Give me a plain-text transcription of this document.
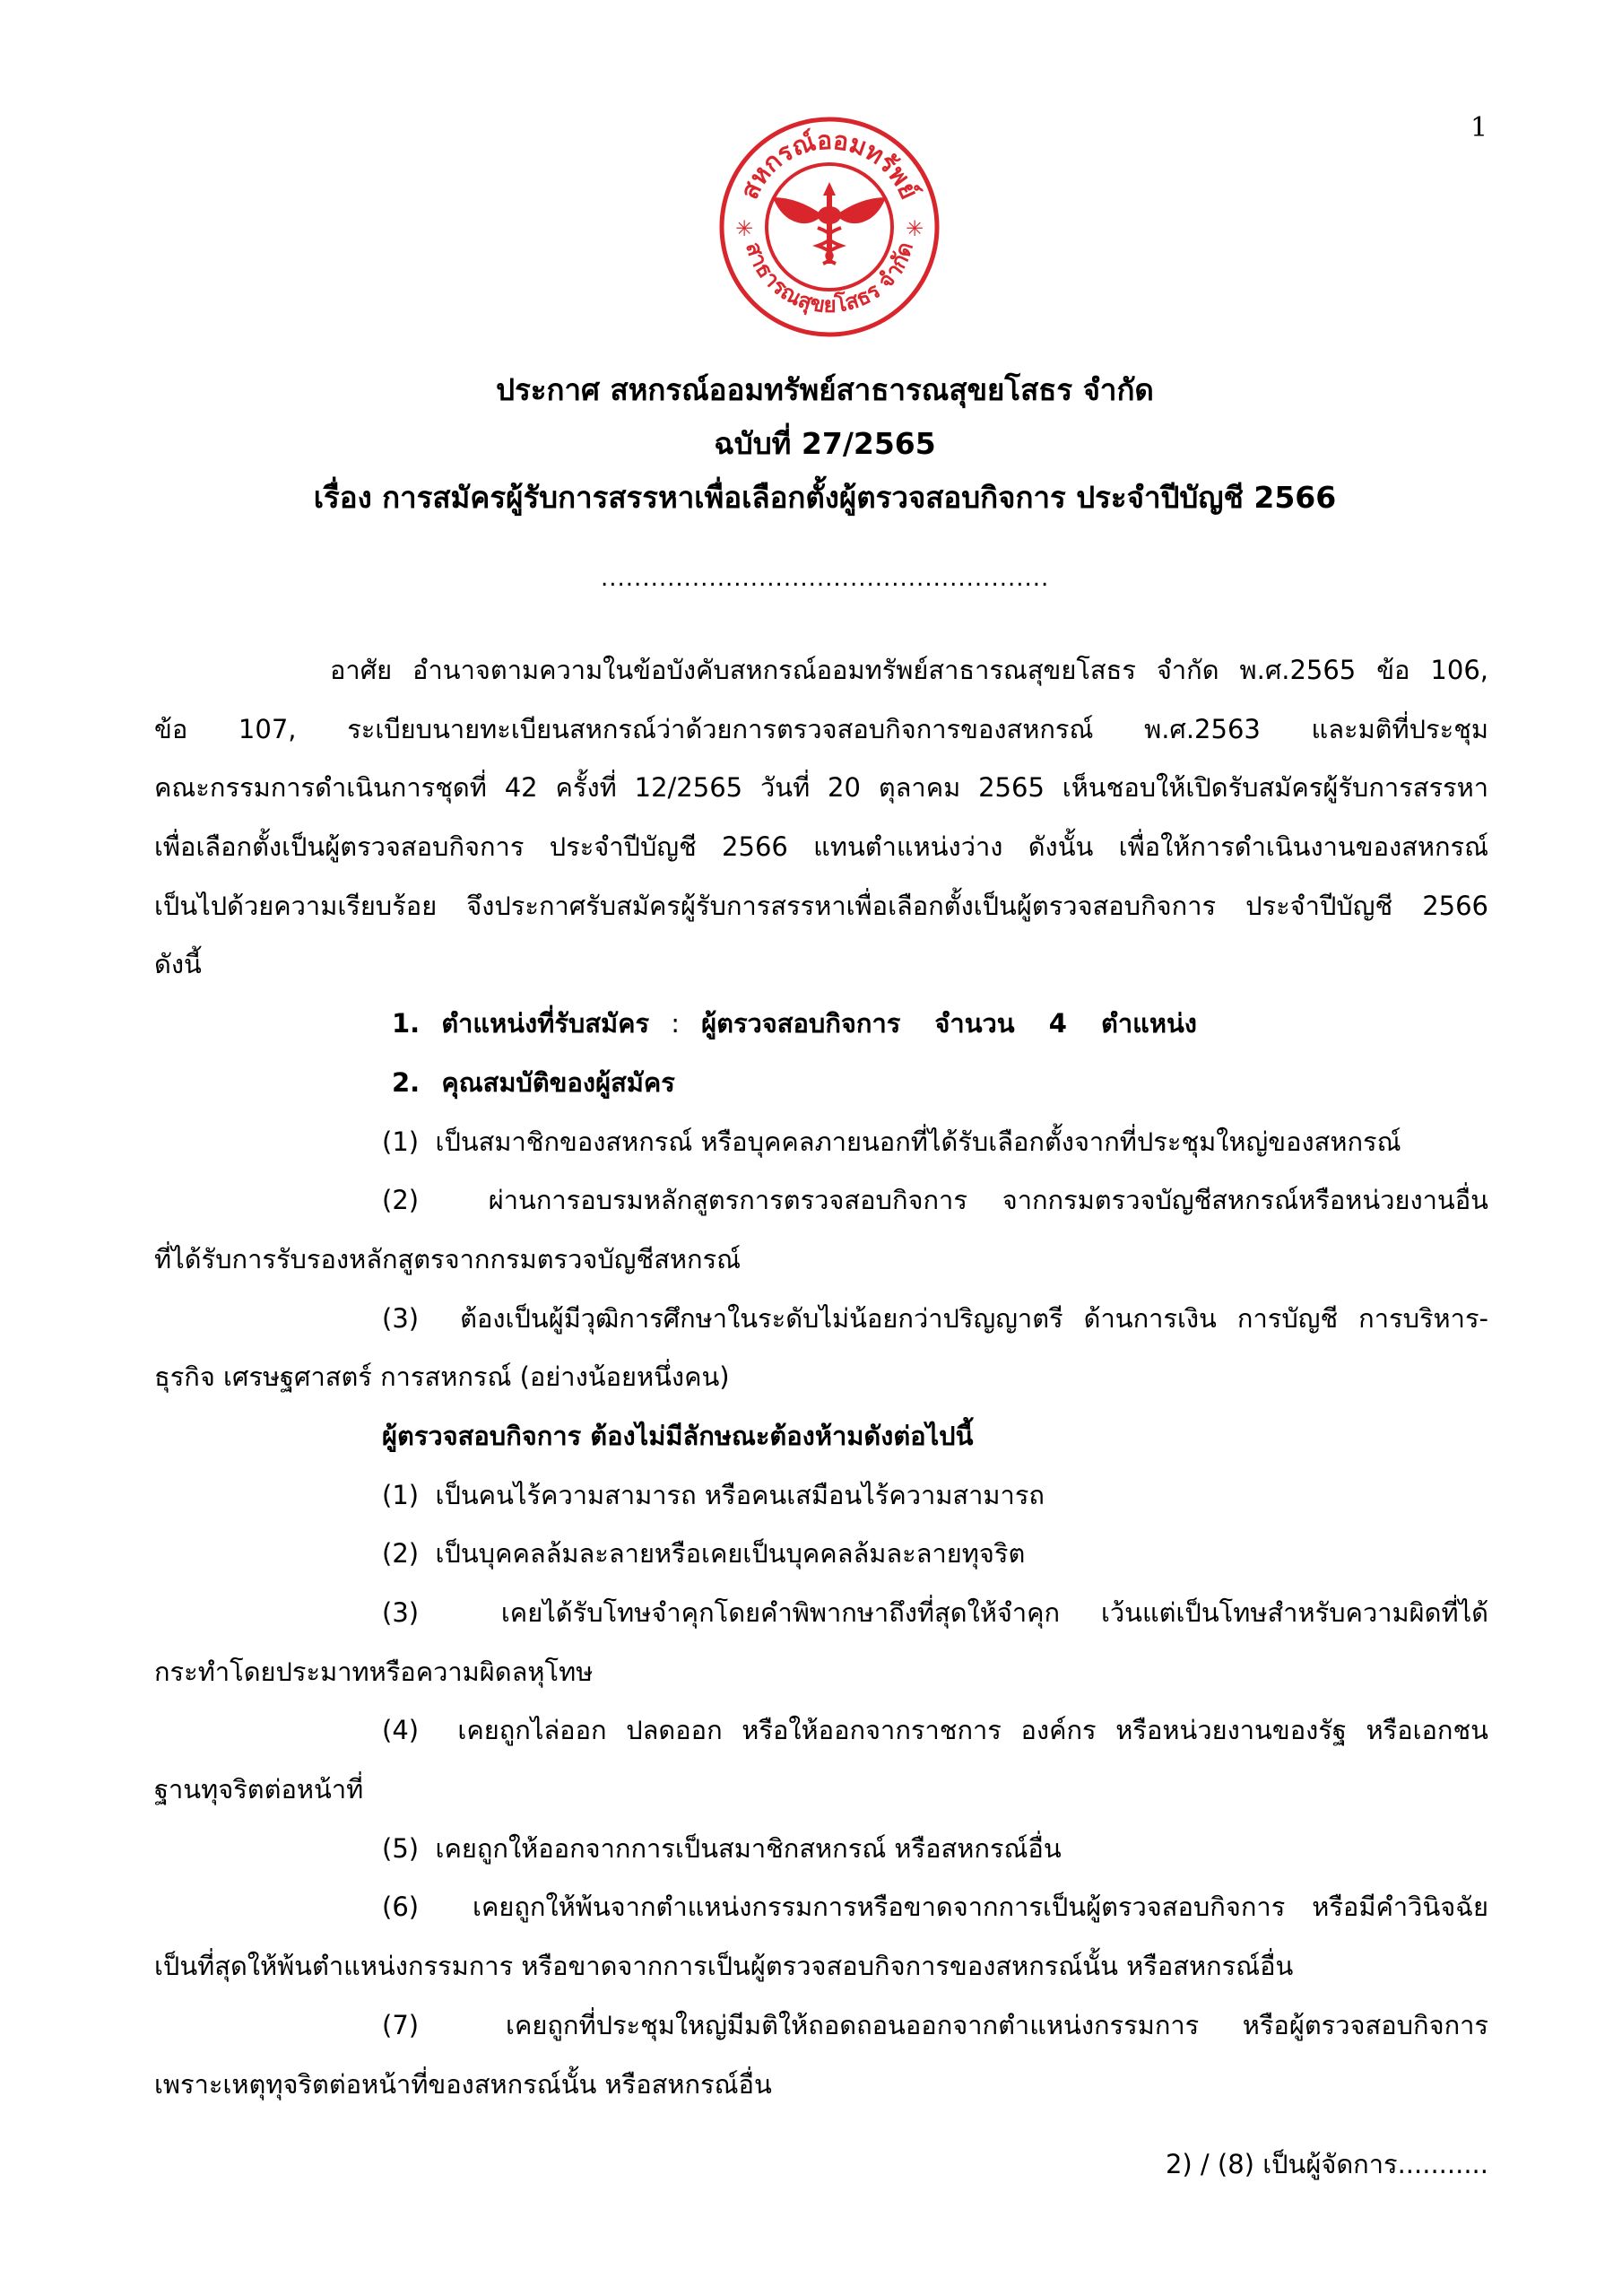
1
สหกรณ์ออมทรัพย์
สาธารณสุขยโสธร จำกัด
✳	✳
ประกาศ สหกรณ์ออมทรัพย์สาธารณสุขยโสธร จำกัด
ฉบับที่ 27/2565
เรื่อง การสมัครผู้รับการสรรหาเพื่อเลือกตั้งผู้ตรวจสอบกิจการ ประจำปีบัญชี 2566
......................................................
อาศัย อำนาจตามความในข้อบังคับสหกรณ์ออมทรัพย์สาธารณสุขยโสธร จำกัด พ.ศ.2565 ข้อ 106,
ข้อ 107, ระเบียบนายทะเบียนสหกรณ์ว่าด้วยการตรวจสอบกิจการของสหกรณ์ พ.ศ.2563 และมติที่ประชุม
คณะกรรมการดำเนินการชุดที่ 42 ครั้งที่ 12/2565 วันที่ 20 ตุลาคม 2565 เห็นชอบให้เปิดรับสมัครผู้รับการสรรหา
เพื่อเลือกตั้งเป็นผู้ตรวจสอบกิจการ ประจำปีบัญชี 2566 แทนตำแหน่งว่าง ดังนั้น เพื่อให้การดำเนินงานของสหกรณ์
เป็นไปด้วยความเรียบร้อย จึงประกาศรับสมัครผู้รับการสรรหาเพื่อเลือกตั้งเป็นผู้ตรวจสอบกิจการ ประจำปีบัญชี 2566
ดังนี้
1. ตำแหน่งที่รับสมัคร : ผู้ตรวจสอบกิจการ จำนวน 4 ตำแหน่ง
2. คุณสมบัติของผู้สมัคร
(1) เป็นสมาชิกของสหกรณ์ หรือบุคคลภายนอกที่ได้รับเลือกตั้งจากที่ประชุมใหญ่ของสหกรณ์
(2)	ผ่านการอบรมหลักสูตรการตรวจสอบกิจการ จากกรมตรวจบัญชีสหกรณ์หรือหน่วยงานอื่น
ที่ได้รับการรับรองหลักสูตรจากกรมตรวจบัญชีสหกรณ์
(3) ต้องเป็นผู้มีวุฒิการศึกษาในระดับไม่น้อยกว่าปริญญาตรี ด้านการเงิน การบัญชี การบริหาร-
ธุรกิจ เศรษฐศาสตร์ การสหกรณ์ (อย่างน้อยหนึ่งคน)
ผู้ตรวจสอบกิจการ ต้องไม่มีลักษณะต้องห้ามดังต่อไปนี้
(1) เป็นคนไร้ความสามารถ หรือคนเสมือนไร้ความสามารถ
(2) เป็นบุคคลล้มละลายหรือเคยเป็นบุคคลล้มละลายทุจริต
(3)	เคยได้รับโทษจำคุกโดยคำพิพากษาถึงที่สุดให้จำคุก เว้นแต่เป็นโทษสำหรับความผิดที่ได้
กระทำโดยประมาทหรือความผิดลหุโทษ
(4) เคยถูกไล่ออก ปลดออก หรือให้ออกจากราชการ องค์กร หรือหน่วยงานของรัฐ หรือเอกชน
ฐานทุจริตต่อหน้าที่
(5) เคยถูกให้ออกจากการเป็นสมาชิกสหกรณ์ หรือสหกรณ์อื่น
(6) เคยถูกให้พ้นจากตำแหน่งกรรมการหรือขาดจากการเป็นผู้ตรวจสอบกิจการ หรือมีคำวินิจฉัย
เป็นที่สุดให้พ้นตำแหน่งกรรมการ หรือขาดจากการเป็นผู้ตรวจสอบกิจการของสหกรณ์นั้น หรือสหกรณ์อื่น
(7)	เคยถูกที่ประชุมใหญ่มีมติให้ถอดถอนออกจากตำแหน่งกรรมการ หรือผู้ตรวจสอบกิจการ
เพราะเหตุทุจริตต่อหน้าที่ของสหกรณ์นั้น หรือสหกรณ์อื่น
2) / (8) เป็นผู้จัดการ...........
